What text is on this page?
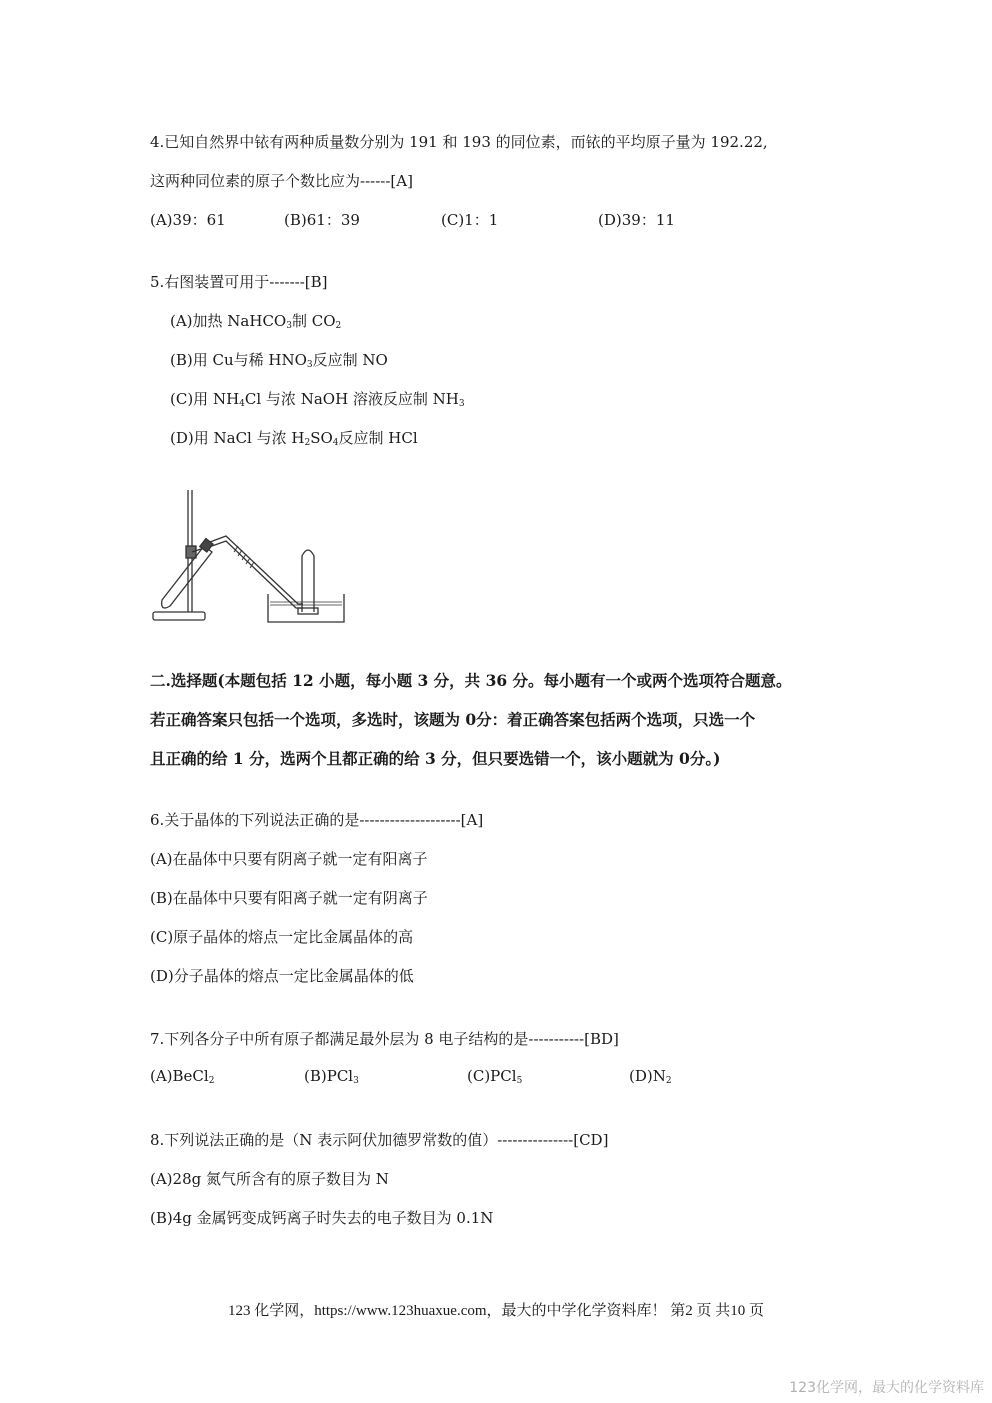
4.已知自然界中铱有两种质量数分别为 191 和 193 的同位素，而铱的平均原子量为 192.22,
这两种同位素的原子个数比应为------[A]
(A)39：61	(B)61：39	(C)1：1	(D)39：11
5.右图装置可用于-------[B]
(A)加热 NaHCO$_3$制 $CO_2$
(B)用 Cu与稀 $HNO_3$反应制 NO
(C)用 $NH_4Cl$ 与浓 NaOH 溶液反应制 $NH_3$
(D)用 NaCl 与浓 $H_2SO_4$反应制 HCl
二.选择题(本题包括 12 小题，每小题 3 分，共 36 分。每小题有一个或两个选项符合题意。
若正确答案只包括一个选项，多选时，该题为 0分：着正确答案包括两个选项，只选一个
且正确的给 1 分，选两个且都正确的给 3 分，但只要选错一个，该小题就为 0分。)
6.关于晶体的下列说法正确的是--------------------[A]
(A)在晶体中只要有阴离子就一定有阳离子
(B)在晶体中只要有阳离子就一定有阴离子
(C)原子晶体的熔点一定比金属晶体的高
(D)分子晶体的熔点一定比金属晶体的低
7.下列各分子中所有原子都满足最外层为 8 电子结构的是-----------[BD]
(A)BeCl$_2$	(B)PCl$_3$	(C)PCl$_5$	$(D)N_2$
8.下列说法正确的是（N 表示阿伏加德罗常数的值）---------------[CD]
(A)28g 氮气所含有的原子数目为 N
(B)4g 金属钙变成钙离子时失去的电子数目为 0.1N
123 化学网，https://www.123huaxue.com，最大的中学化学资料库！ 第2 页 共10 页
123化学网，最大的化学资料库
